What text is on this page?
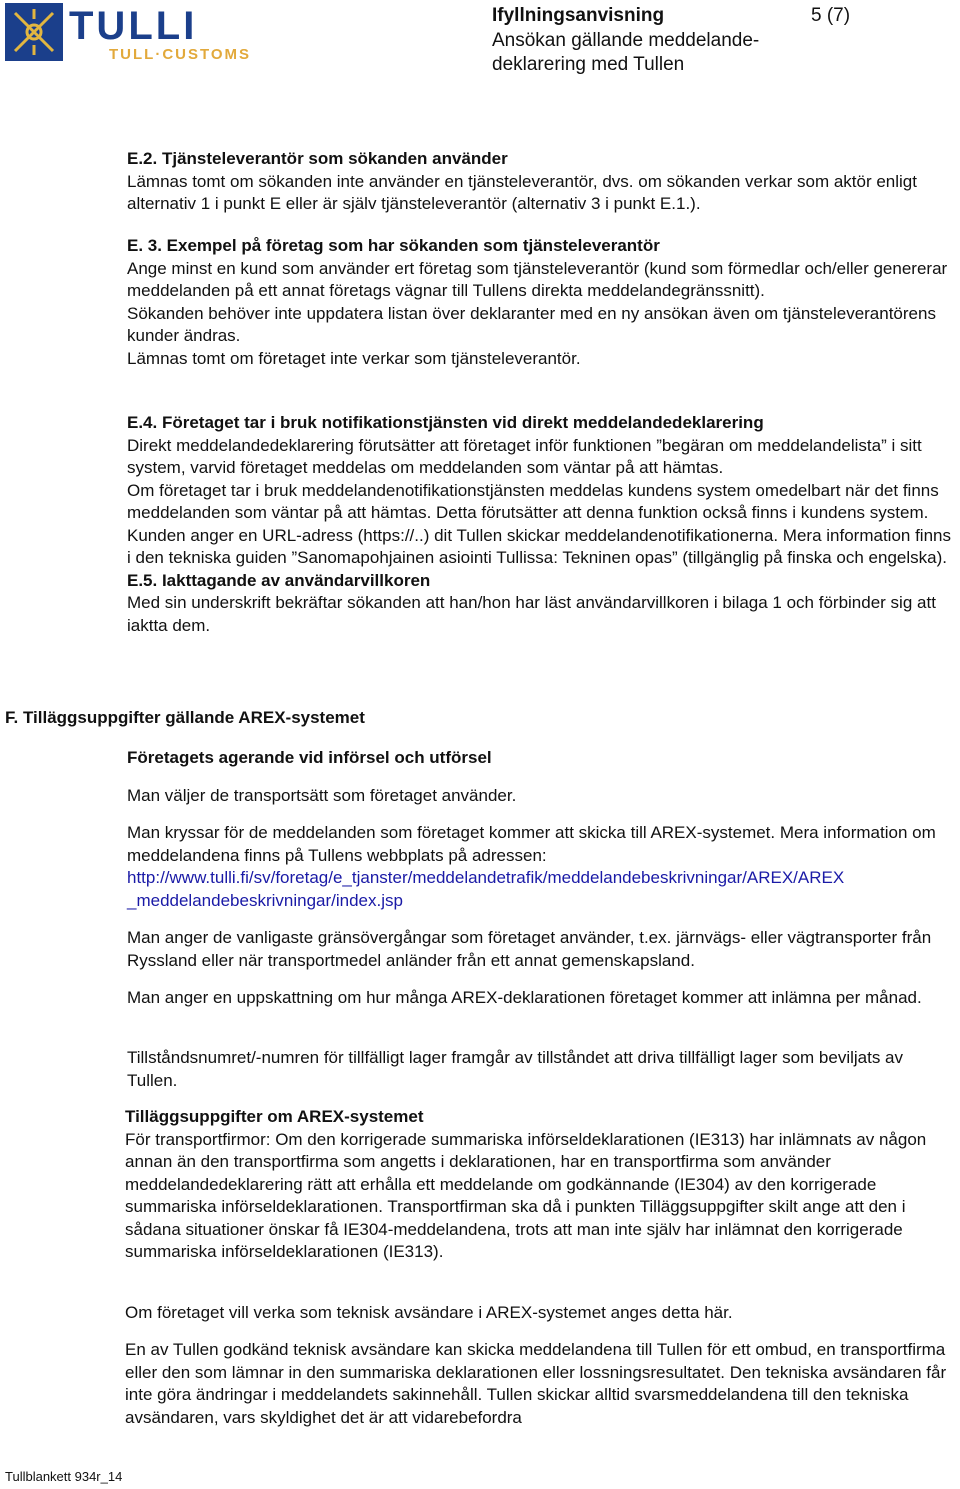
TULLI
TULL·CUSTOMS
Ifyllningsanvisning	5 (7)
Ansökan gällande meddelande-deklarering med Tullen

E.2. Tjänsteleverantör som sökanden använder

Lämnas tomt om sökanden inte använder en tjänsteleverantör, dvs. om sökanden verkar som aktör enligt alternativ 1 i punkt E eller är själv tjänsteleverantör (alternativ 3 i punkt E.1.).

E. 3. Exempel på företag som har sökanden som tjänsteleverantör

Ange minst en kund som använder ert företag som tjänsteleverantör (kund som förmedlar och/eller genererar meddelanden på ett annat företags vägnar till Tullens direkta meddelandegränssnitt).

Sökanden behöver inte uppdatera listan över deklaranter med en ny ansökan även om tjänsteleverantörens kunder ändras.

Lämnas tomt om företaget inte verkar som tjänsteleverantör.

E.4. Företaget tar i bruk notifikationstjänsten vid direkt meddelandedeklarering

Direkt meddelandedeklarering förutsätter att företaget inför funktionen ”begäran om meddelandelista” i sitt system, varvid företaget meddelas om meddelanden som väntar på att hämtas.

Om företaget tar i bruk meddelandenotifikationstjänsten meddelas kundens system omedelbart när det finns meddelanden som väntar på att hämtas. Detta förutsätter att denna funktion också finns i kundens system. Kunden anger en URL-adress (https://..) dit Tullen skickar meddelandenotifikationerna. Mera information finns i den tekniska guiden ”Sanomapohjainen asiointi Tullissa: Tekninen opas” (tillgänglig på finska och engelska).

E.5. Iakttagande av användarvillkoren

Med sin underskrift bekräftar sökanden att han/hon har läst användarvillkoren i bilaga 1 och förbinder sig att iaktta dem.

F. Tilläggsuppgifter gällande AREX-systemet
Företagets agerande vid införsel och utförsel
Man väljer de transportsätt som företaget använder.

Man kryssar för de meddelanden som företaget kommer att skicka till AREX-systemet. Mera information om meddelandena finns på Tullens webbplats på adressen:

http://www.tulli.fi/sv/foretag/e_tjanster/meddelandetrafik/meddelandebeskrivningar/AREX/AREX _meddelandebeskrivningar/index.jsp

Man anger de vanligaste gränsövergångar som företaget använder, t.ex. järnvägs- eller vägtransporter från Ryssland eller när transportmedel anländer från ett annat gemenskapsland.
Man anger en uppskattning om hur många AREX-deklarationen företaget kommer att inlämna per månad.
Tillståndsnumret/-numren för tillfälligt lager framgår av tillståndet att driva tillfälligt lager som beviljats av Tullen.

Tilläggsuppgifter om AREX-systemet

För transportfirmor: Om den korrigerade summariska införseldeklarationen (IE313) har inlämnats av någon annan än den transportfirma som angetts i deklarationen, har en transportfirma som använder meddelandedeklarering rätt att erhålla ett meddelande om godkännande (IE304) av den korrigerade summariska införseldeklarationen. Transportfirman ska då i punkten Tilläggsuppgifter skilt ange att den i sådana situationer önskar få IE304-meddelandena, trots att man inte själv har inlämnat den korrigerade summariska införseldeklarationen (IE313).

Om företaget vill verka som teknisk avsändare i AREX-systemet anges detta här.
En av Tullen godkänd teknisk avsändare kan skicka meddelandena till Tullen för ett ombud, en transportfirma eller den som lämnar in den summariska deklarationen eller lossningsresultatet. Den tekniska avsändaren får inte göra ändringar i meddelandets sakinnehåll. Tullen skickar alltid svarsmeddelandena till den tekniska avsändaren, vars skyldighet det är att vidarebefordra
Tullblankett 934r_14
